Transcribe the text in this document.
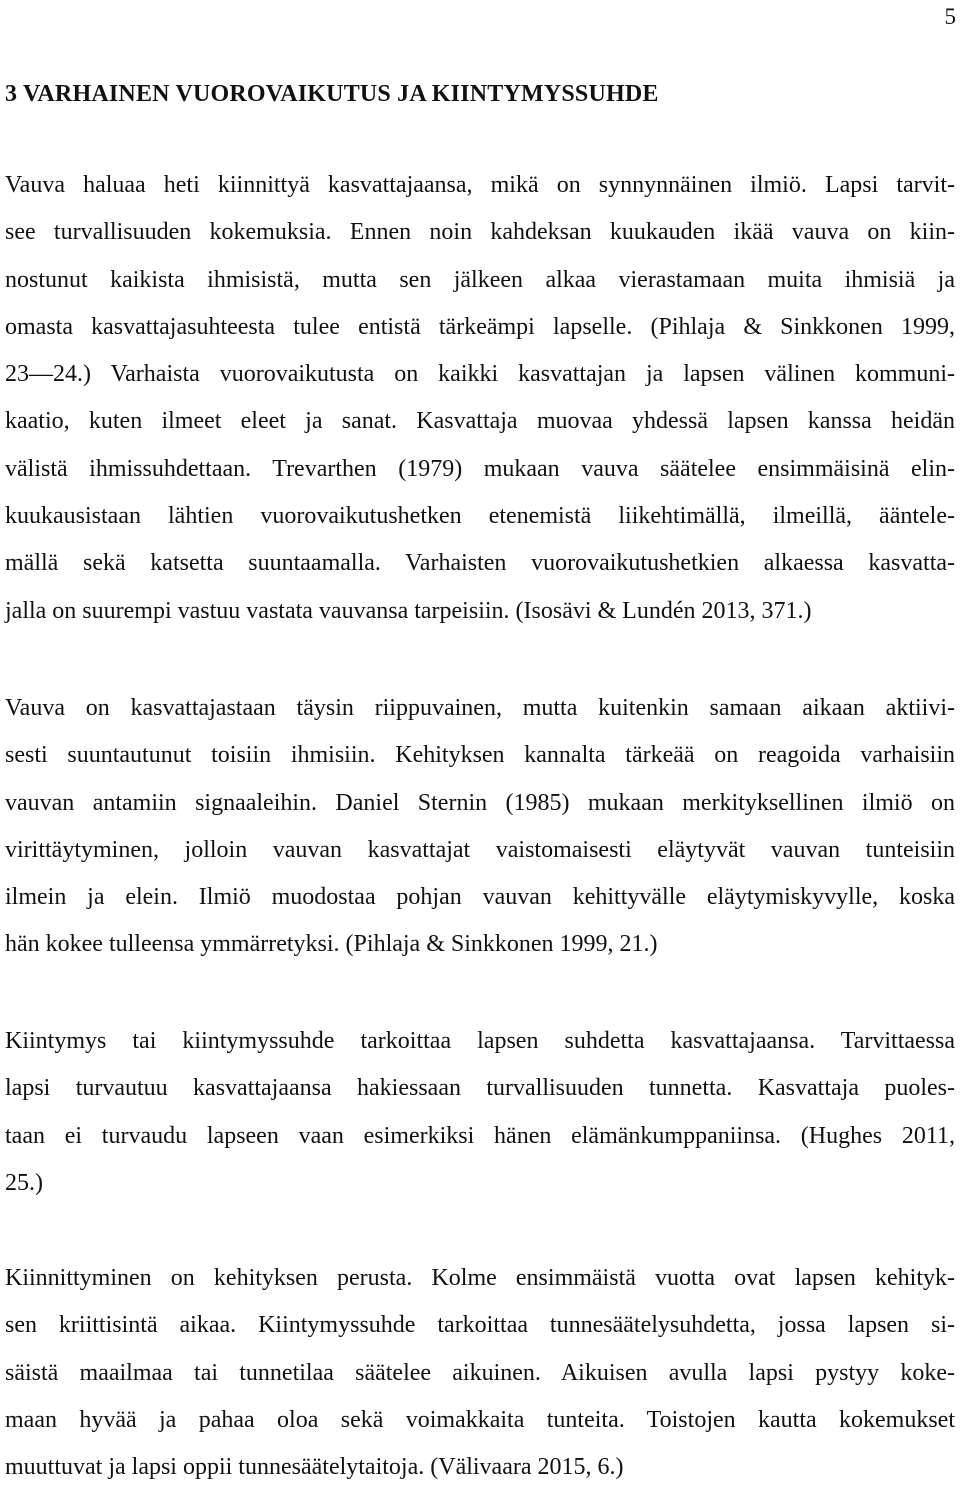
5
3 VARHAINEN VUOROVAIKUTUS JA KIINTYMYSSUHDE

Vauva haluaa heti kiinnittyä kasvattajaansa, mikä on synnynnäinen ilmiö. Lapsi tarvit-
see turvallisuuden kokemuksia. Ennen noin kahdeksan kuukauden ikää vauva on kiin-
nostunut kaikista ihmisistä, mutta sen jälkeen alkaa vierastamaan muita ihmisiä ja
omasta kasvattajasuhteesta tulee entistä tärkeämpi lapselle. (Pihlaja & Sinkkonen 1999,
23—24.) Varhaista vuorovaikutusta on kaikki kasvattajan ja lapsen välinen kommuni-
kaatio, kuten ilmeet eleet ja sanat. Kasvattaja muovaa yhdessä lapsen kanssa heidän
välistä ihmissuhdettaan. Trevarthen (1979) mukaan vauva säätelee ensimmäisinä elin-
kuukausistaan lähtien vuorovaikutushetken etenemistä liikehtimällä, ilmeillä, ääntele-
mällä sekä katsetta suuntaamalla. Varhaisten vuorovaikutushetkien alkaessa kasvatta-
jalla on suurempi vastuu vastata vauvansa tarpeisiin. (Isosävi & Lundén 2013, 371.)

Vauva on kasvattajastaan täysin riippuvainen, mutta kuitenkin samaan aikaan aktiivi-
sesti suuntautunut toisiin ihmisiin. Kehityksen kannalta tärkeää on reagoida varhaisiin
vauvan antamiin signaaleihin. Daniel Sternin (1985) mukaan merkityksellinen ilmiö on
virittäytyminen, jolloin vauvan kasvattajat vaistomaisesti eläytyvät vauvan tunteisiin
ilmein ja elein. Ilmiö muodostaa pohjan vauvan kehittyvälle eläytymiskyvylle, koska
hän kokee tulleensa ymmärretyksi. (Pihlaja & Sinkkonen 1999, 21.)

Kiintymys tai kiintymyssuhde tarkoittaa lapsen suhdetta kasvattajaansa. Tarvittaessa
lapsi turvautuu kasvattajaansa hakiessaan turvallisuuden tunnetta. Kasvattaja puoles-
taan ei turvaudu lapseen vaan esimerkiksi hänen elämänkumppaniinsa. (Hughes 2011,
25.)

Kiinnittyminen on kehityksen perusta. Kolme ensimmäistä vuotta ovat lapsen kehityk-
sen kriittisintä aikaa. Kiintymyssuhde tarkoittaa tunnesäätelysuhdetta, jossa lapsen si-
säistä maailmaa tai tunnetilaa säätelee aikuinen. Aikuisen avulla lapsi pystyy koke-
maan hyvää ja pahaa oloa sekä voimakkaita tunteita. Toistojen kautta kokemukset
muuttuvat ja lapsi oppii tunnesäätelytaitoja. (Välivaara 2015, 6.)
